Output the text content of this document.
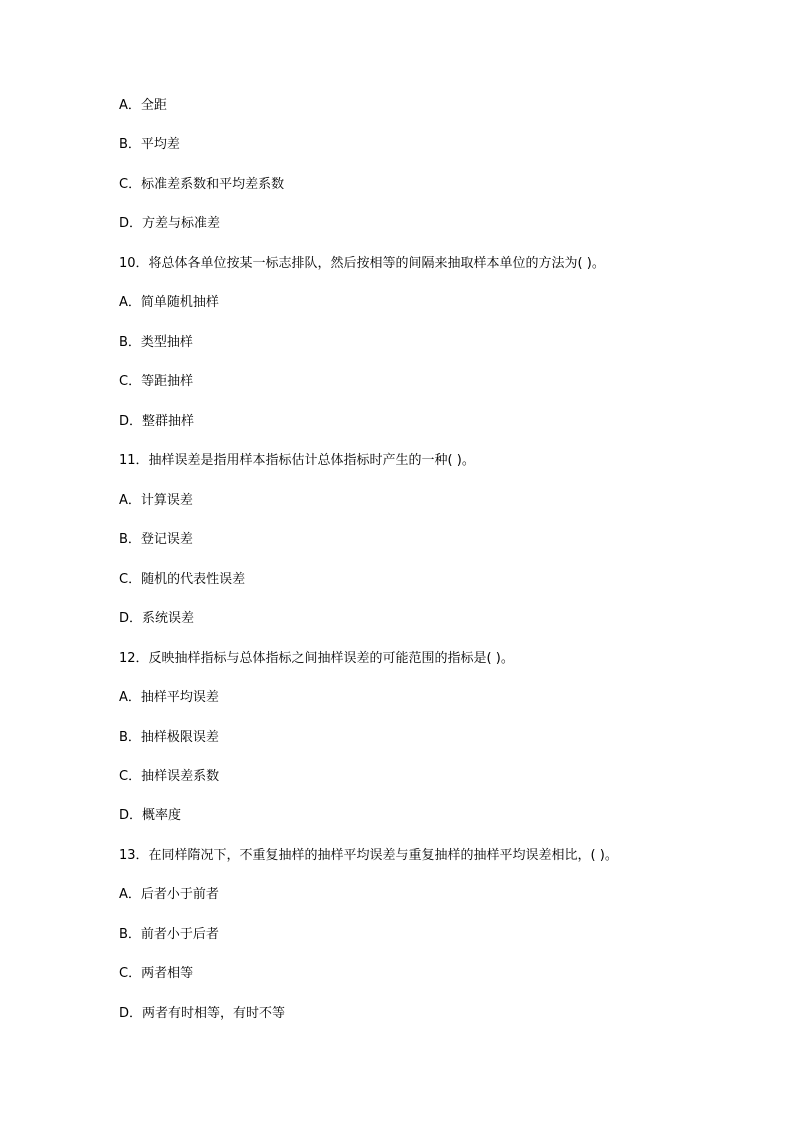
A．全距
B．平均差
C．标准差系数和平均差系数
D．方差与标准差
10．将总体各单位按某一标志排队，然后按相等的间隔来抽取样本单位的方法为( )。
A．简单随机抽样
B．类型抽样
C．等距抽样
D．整群抽样
11．抽样误差是指用样本指标估计总体指标时产生的一种( )。
A．计算误差
B．登记误差
C．随机的代表性误差
D．系统误差
12．反映抽样指标与总体指标之间抽样误差的可能范围的指标是( )。
A．抽样平均误差
B．抽样极限误差
C．抽样误差系数
D．概率度
13．在同样隋况下，不重复抽样的抽样平均误差与重复抽样的抽样平均误差相比，( )。
A．后者小于前者
B．前者小于后者
C．两者相等
D．两者有时相等，有时不等
